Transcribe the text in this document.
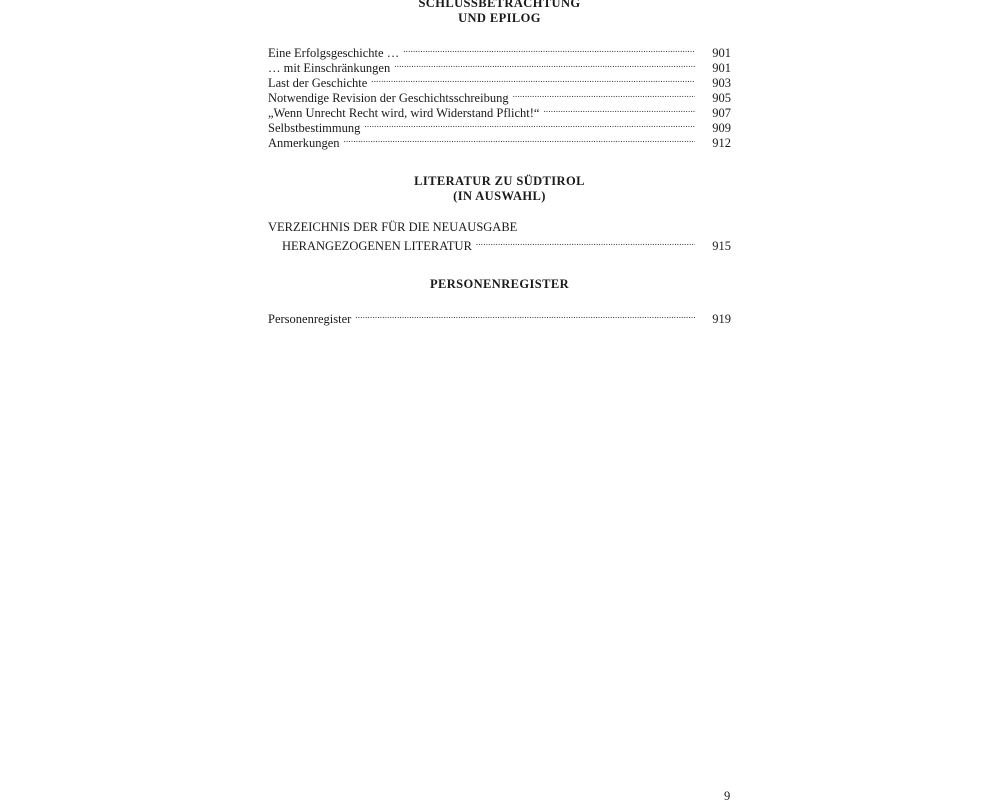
SCHLUSSBETRACHTUNG
UND EPILOG
Eine Erfolgsgeschichte … .....	901
… mit Einschränkungen .....	901
Last der Geschichte .....	903
Notwendige Revision der Geschichtsschreibung .....	905
„Wenn Unrecht Recht wird, wird Widerstand Pflicht!“ .....	907
Selbstbestimmung .....	909
Anmerkungen .....	912
LITERATUR ZU SÜDTIROL
(IN AUSWAHL)
VERZEICHNIS DER FÜR DIE NEUAUSGABE
HERANGEZOGENEN LITERATUR .....	915
PERSONENREGISTER
Personenregister .....	919
9
